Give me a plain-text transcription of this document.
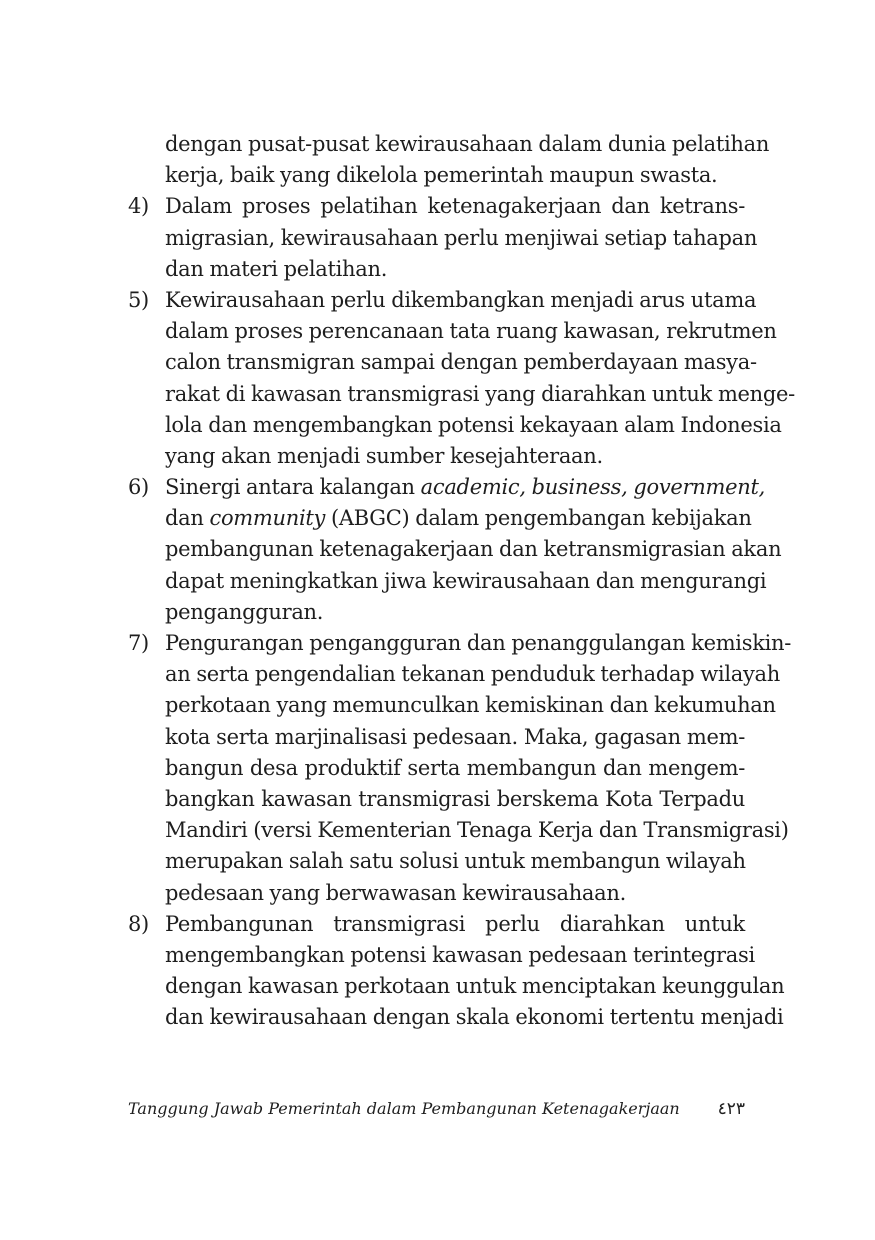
dengan pusat-pusat kewirausahaan dalam dunia pelatihan
kerja, baik yang dikelola pemerintah maupun swasta.
4) Dalam proses pelatihan ketenagakerjaan dan ketrans-
migrasian, kewirausahaan perlu menjiwai setiap tahapan
dan materi pelatihan.
5) Kewirausahaan perlu dikembangkan menjadi arus utama
dalam proses perencanaan tata ruang kawasan, rekrutmen
calon transmigran sampai dengan pemberdayaan masya-
rakat di kawasan transmigrasi yang diarahkan untuk menge-
lola dan mengembangkan potensi kekayaan alam Indonesia
yang akan menjadi sumber kesejahteraan.
6) Sinergi antara kalangan academic, business, government,
dan community (ABGC) dalam pengembangan kebijakan
pembangunan ketenagakerjaan dan ketransmigrasian akan
dapat meningkatkan jiwa kewirausahaan dan mengurangi
pengangguran.
7) Pengurangan pengangguran dan penanggulangan kemiskin-
an serta pengendalian tekanan penduduk terhadap wilayah
perkotaan yang memunculkan kemiskinan dan kekumuhan
kota serta marjinalisasi pedesaan. Maka, gagasan mem-
bangun desa produktif serta membangun dan mengem-
bangkan kawasan transmigrasi berskema Kota Terpadu
Mandiri (versi Kementerian Tenaga Kerja dan Transmigrasi)
merupakan salah satu solusi untuk membangun wilayah
pedesaan yang berwawasan kewirausahaan.
8) Pembangunan transmigrasi perlu diarahkan untuk
mengembangkan potensi kawasan pedesaan terintegrasi
dengan kawasan perkotaan untuk menciptakan keunggulan
dan kewirausahaan dengan skala ekonomi tertentu menjadi
Tanggung Jawab Pemerintah dalam Pembangunan Ketenagakerjaan ٤٢٣
